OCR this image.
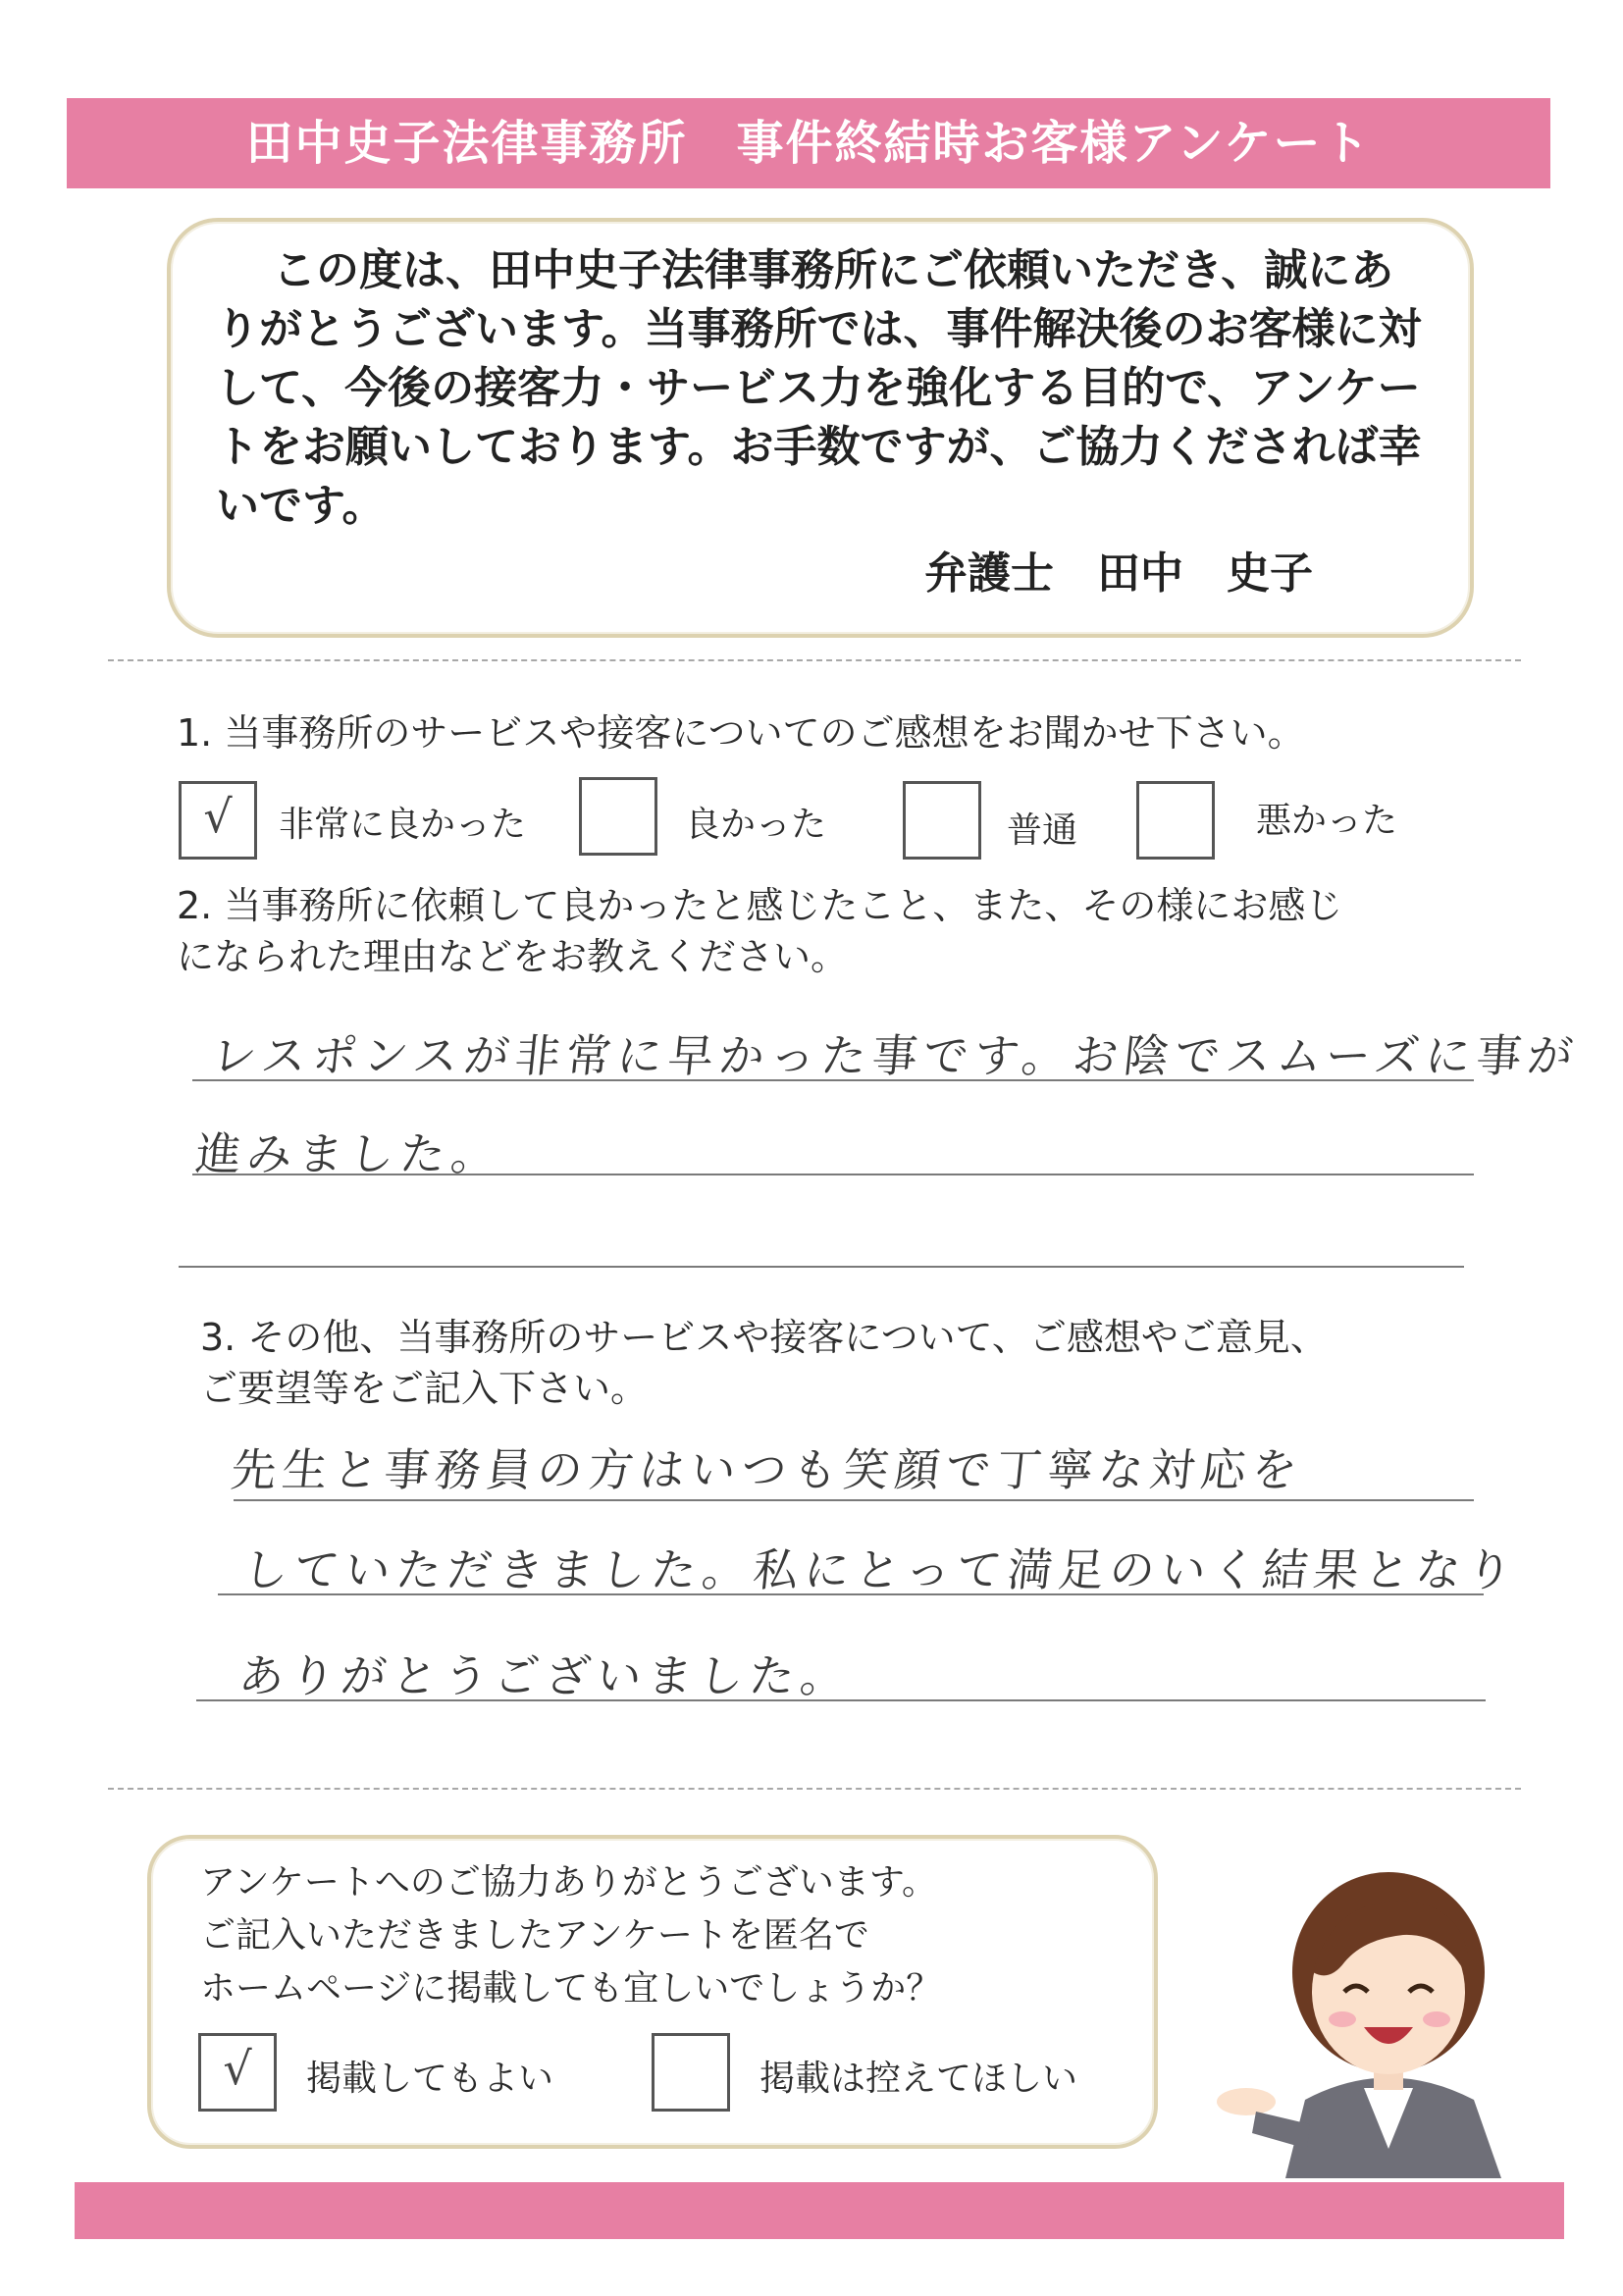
田中史子法律事務所　事件終結時お客様アンケート
この度は、田中史子法律事務所にご依頼いただき、誠にありがとうございます。当事務所では、事件解決後のお客様に対して、今後の接客力・サービス力を強化する目的で、アンケートをお願いしております。お手数ですが、ご協力くだされば幸いです。
弁護士　田中　史子
1. 当事務所のサービスや接客についてのご感想をお聞かせ下さい。
√	非常に良かった	良かった	普通	悪かった
2. 当事務所に依頼して良かったと感じたこと、また、その様にお感じ
になられた理由などをお教えください。
レスポンスが非常に早かった事です。お陰でスムーズに事が
進みました。
3. その他、当事務所のサービスや接客について、ご感想やご意見、
ご要望等をご記入下さい。
先生と事務員の方はいつも笑顔で丁寧な対応を
していただきました。私にとって満足のいく結果となり
ありがとうございました。
アンケートへのご協力ありがとうございます。
ご記入いただきましたアンケートを匿名で
ホームページに掲載しても宜しいでしょうか？
√	掲載してもよい	掲載は控えてほしい
